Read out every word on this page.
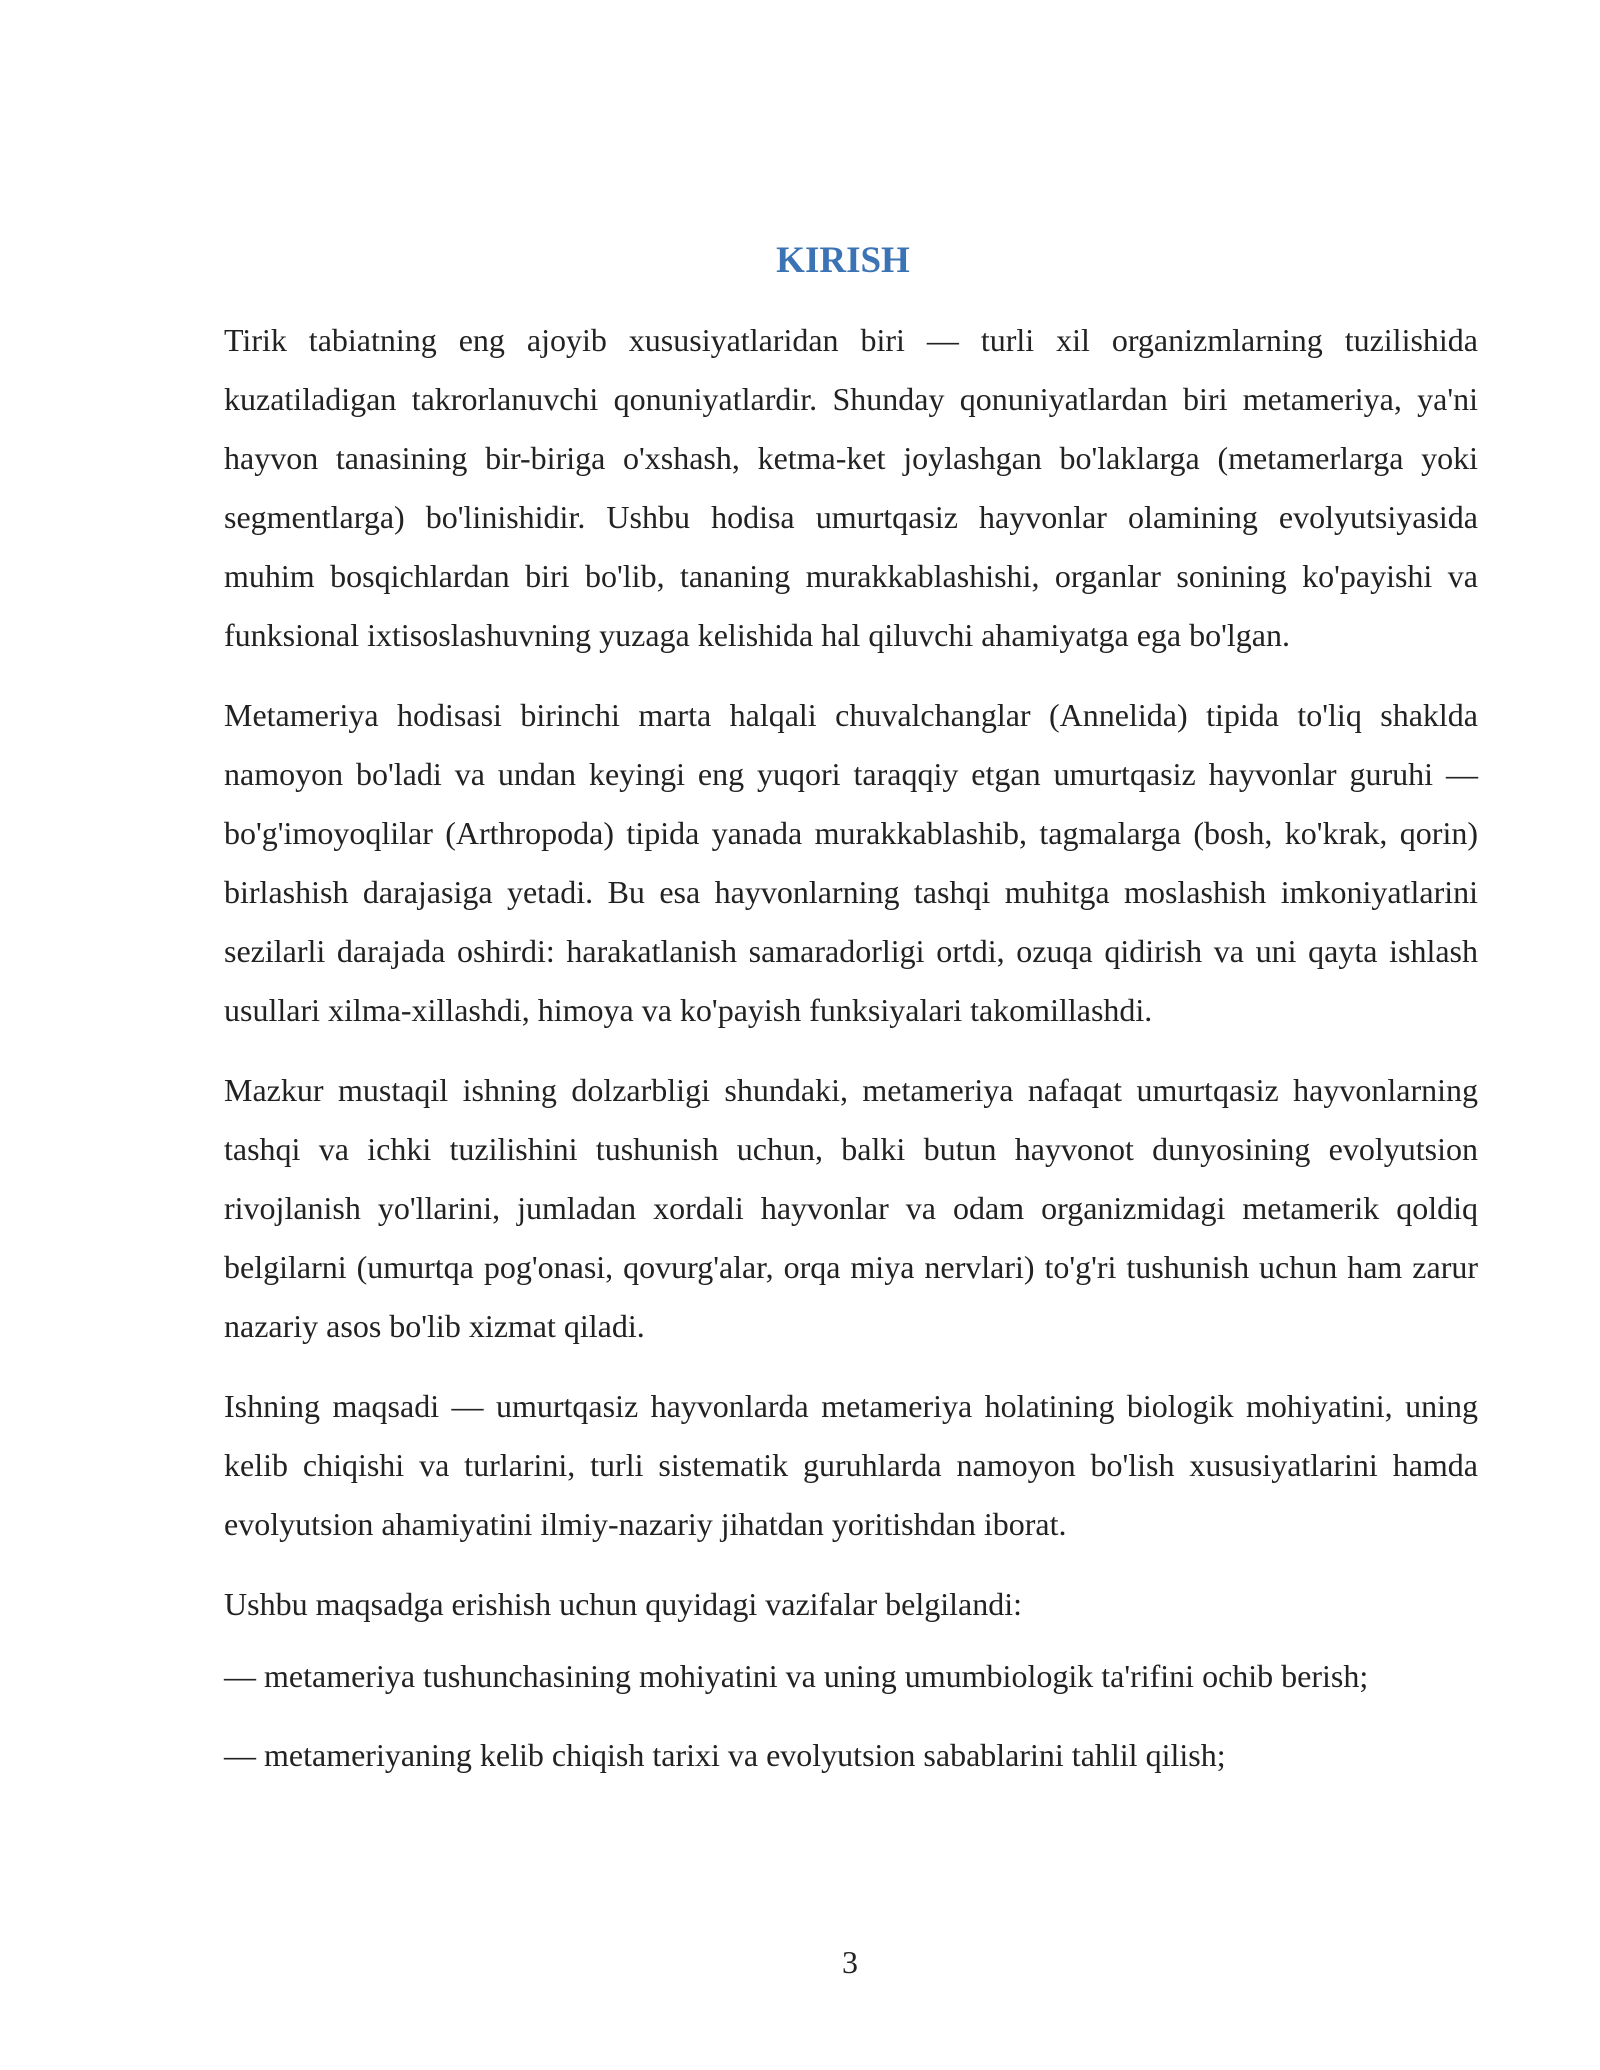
KIRISH

Tirik tabiatning eng ajoyib xususiyatlaridan biri — turli xil organizmlarning tuzilishida kuzatiladigan takrorlanuvchi qonuniyatlardir. Shunday qonuniyatlardan biri metameriya, ya'ni hayvon tanasining bir-biriga o'xshash, ketma-ket joylashgan bo'laklarga (metamerlarga yoki segmentlarga) bo'linishidir. Ushbu hodisa umurtqasiz hayvonlar olamining evolyutsiyasida muhim bosqichlardan biri bo'lib, tananing murakkablashishi, organlar sonining ko'payishi va funksional ixtisoslashuvning yuzaga kelishida hal qiluvchi ahamiyatga ega bo'lgan.

Metameriya hodisasi birinchi marta halqali chuvalchanglar (Annelida) tipida to'liq shaklda namoyon bo'ladi va undan keyingi eng yuqori taraqqiy etgan umurtqasiz hayvonlar guruhi — bo'g'imoyoqlilar (Arthropoda) tipida yanada murakkablashib, tagmalarga (bosh, ko'krak, qorin) birlashish darajasiga yetadi. Bu esa hayvonlarning tashqi muhitga moslashish imkoniyatlarini sezilarli darajada oshirdi: harakatlanish samaradorligi ortdi, ozuqa qidirish va uni qayta ishlash usullari xilma-xillashdi, himoya va ko'payish funksiyalari takomillashdi.

Mazkur mustaqil ishning dolzarbligi shundaki, metameriya nafaqat umurtqasiz hayvonlarning tashqi va ichki tuzilishini tushunish uchun, balki butun hayvonot dunyosining evolyutsion rivojlanish yo'llarini, jumladan xordali hayvonlar va odam organizmidagi metamerik qoldiq belgilarni (umurtqa pog'onasi, qovurg'alar, orqa miya nervlari) to'g'ri tushunish uchun ham zarur nazariy asos bo'lib xizmat qiladi.

Ishning maqsadi — umurtqasiz hayvonlarda metameriya holatining biologik mohiyatini, uning kelib chiqishi va turlarini, turli sistematik guruhlarda namoyon bo'lish xususiyatlarini hamda evolyutsion ahamiyatini ilmiy-nazariy jihatdan yoritishdan iborat.

Ushbu maqsadga erishish uchun quyidagi vazifalar belgilandi:

— metameriya tushunchasining mohiyatini va uning umumbiologik ta'rifini ochib berish;

— metameriyaning kelib chiqish tarixi va evolyutsion sabablarini tahlil qilish;

3
